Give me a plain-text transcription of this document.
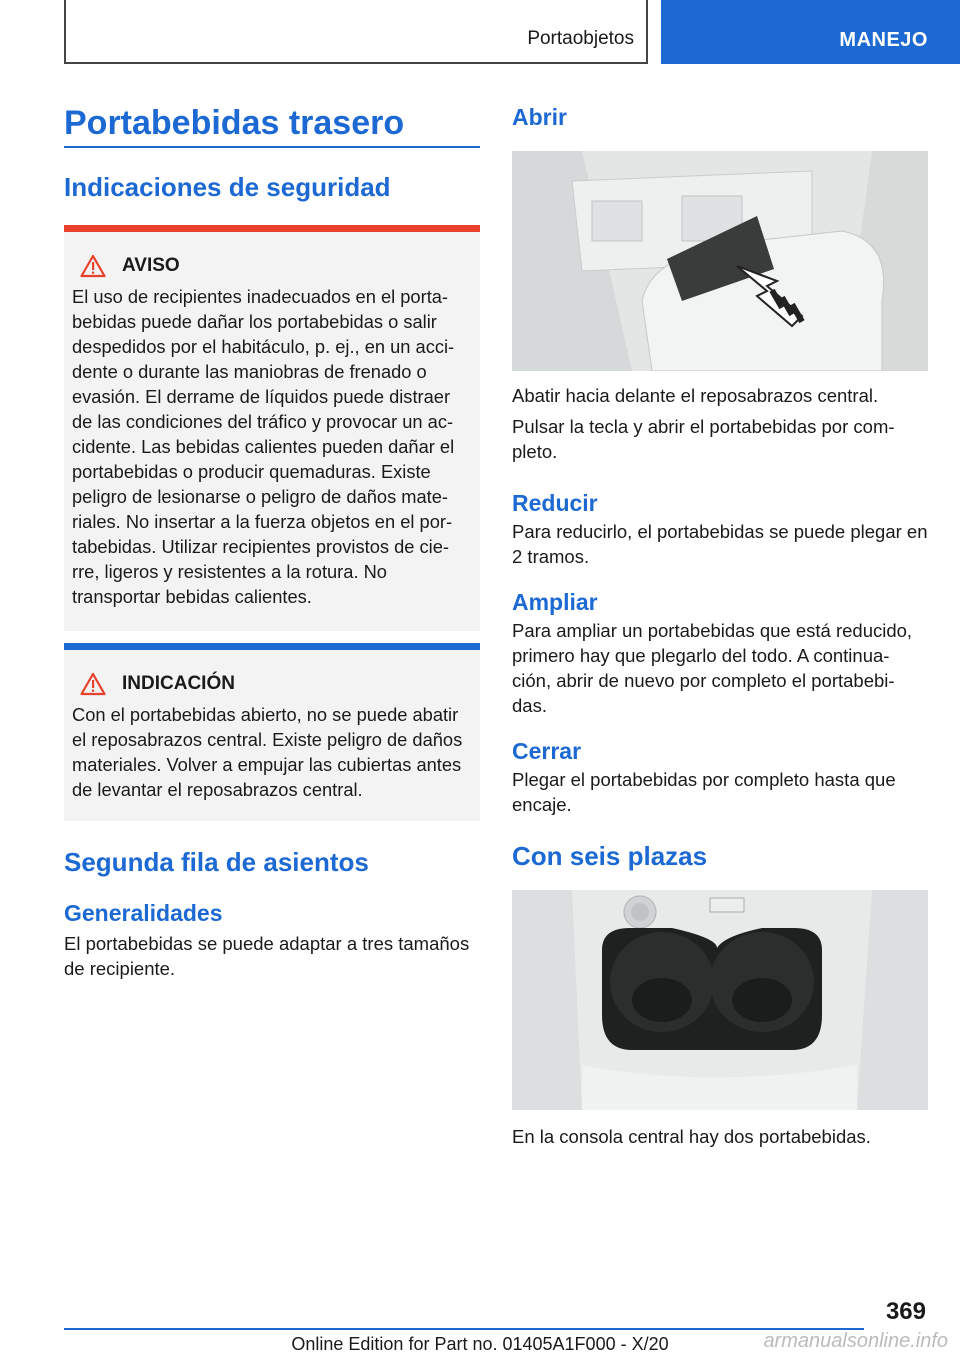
Portaobjetos	MANEJO
Portabebidas trasero
Indicaciones de seguridad
AVISO

El uso de recipientes inadecuados en el porta- bebidas puede dañar los portabebidas o salir despedidos por el habitáculo, p. ej., en un acci- dente o durante las maniobras de frenado o evasión. El derrame de líquidos puede distraer de las condiciones del tráfico y provocar un ac- cidente. Las bebidas calientes pueden dañar el portabebidas o producir quemaduras. Existe peligro de lesionarse o peligro de daños mate- riales. No insertar a la fuerza objetos en el por- tabebidas. Utilizar recipientes provistos de cie- rre, ligeros y resistentes a la rotura. No transportar bebidas calientes.

INDICACIÓN

Con el portabebidas abierto, no se puede abatir el reposabrazos central. Existe peligro de daños materiales. Volver a empujar las cubiertas antes de levantar el reposabrazos central.

Segunda fila de asientos
Generalidades

El portabebidas se puede adaptar a tres tamaños de recipiente.

Abrir

Abatir hacia delante el reposabrazos central.

Pulsar la tecla y abrir el portabebidas por com- pleto.

Reducir

Para reducirlo, el portabebidas se puede plegar en 2 tramos.

Ampliar

Para ampliar un portabebidas que está reducido, primero hay que plegarlo del todo. A continua- ción, abrir de nuevo por completo el portabebi- das.

Cerrar

Plegar el portabebidas por completo hasta que encaje.

Con seis plazas

En la consola central hay dos portabebidas.

369
Online Edition for Part no. 01405A1F000 - X/20	armanualsonline.info
